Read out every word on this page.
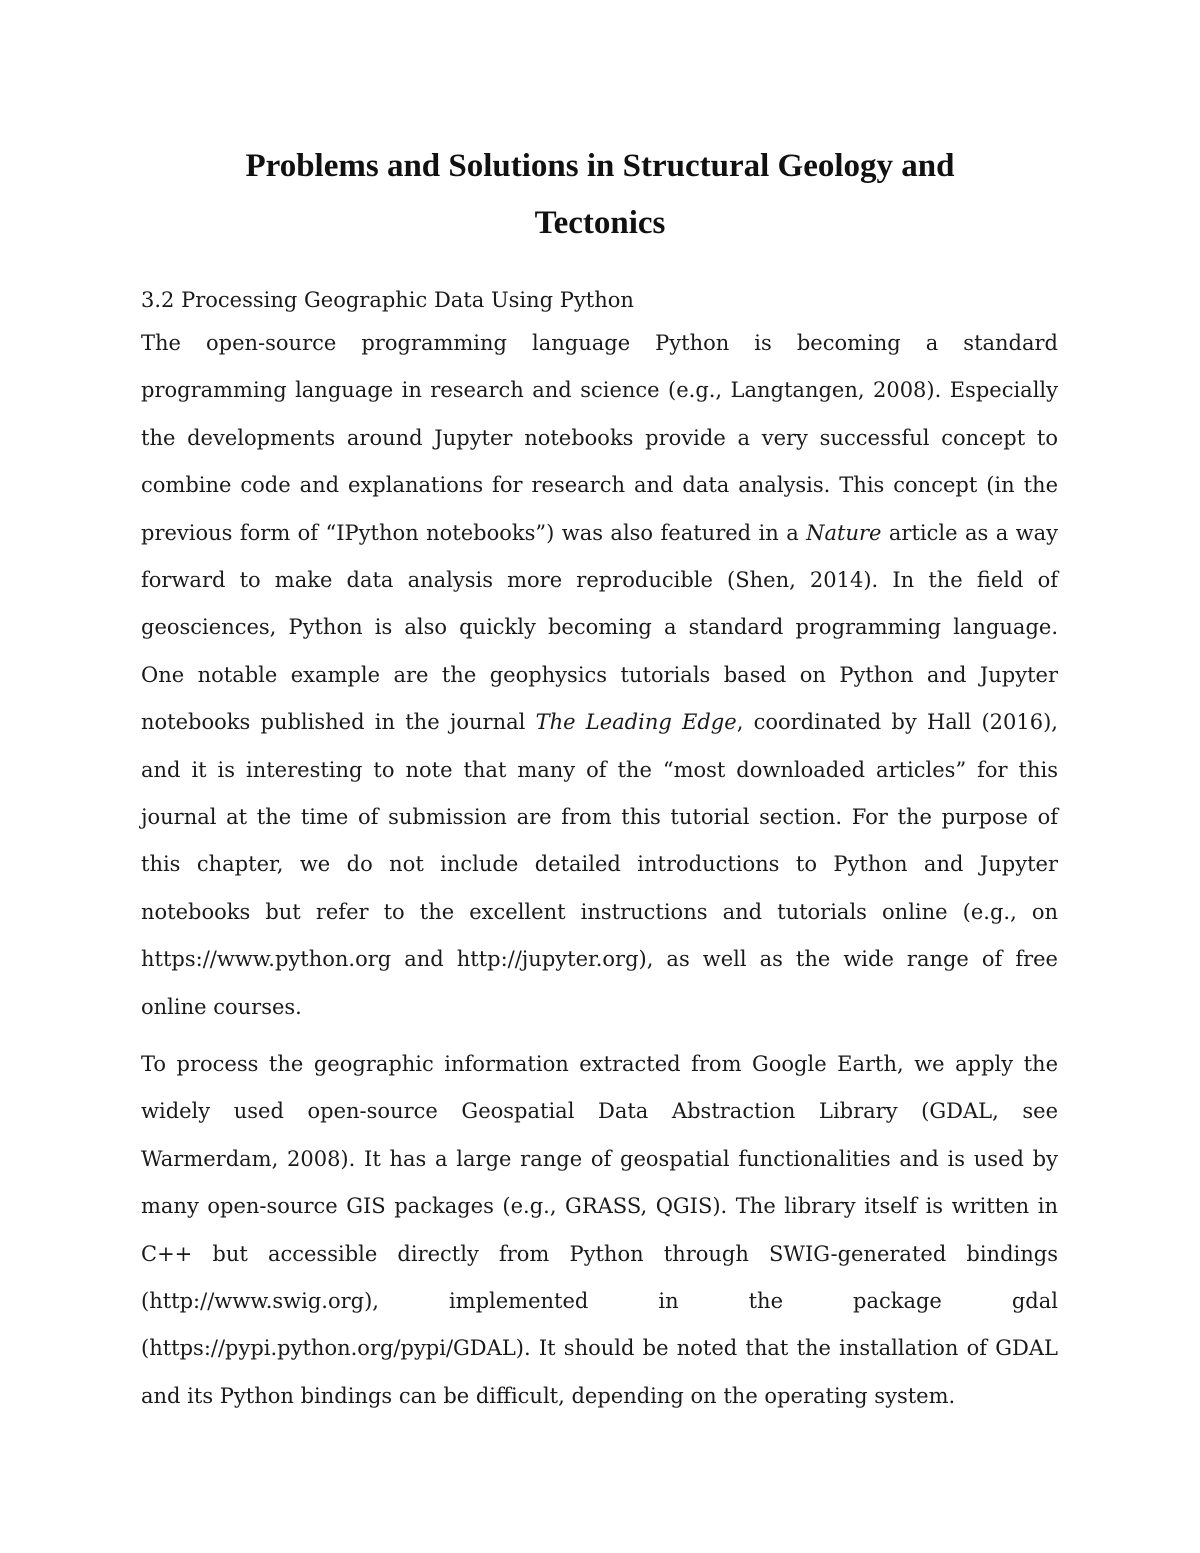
Problems and Solutions in Structural Geology and
Tectonics
3.2 Processing Geographic Data Using Python

The open-source programming language Python is becoming a standard programming language in research and science (e.g., Langtangen, 2008). Especially the developments around Jupyter notebooks provide a very successful concept to combine code and explanations for research and data analysis. This concept (in the previous form of “IPython notebooks”) was also featured in a Nature article as a way forward to make data analysis more reproducible (Shen, 2014). In the field of geosciences, Python is also quickly becoming a standard programming language. One notable example are the geophysics tutorials based on Python and Jupyter notebooks published in the journal The Leading Edge, coordinated by Hall (2016), and it is interesting to note that many of the “most downloaded articles” for this journal at the time of submission are from this tutorial section. For the purpose of this chapter, we do not include detailed introductions to Python and Jupyter notebooks but refer to the excellent instructions and tutorials online (e.g., on https://www.python.org and http://jupyter.org), as well as the wide range of free online courses.

To process the geographic information extracted from Google Earth, we apply the widely used open-source Geospatial Data Abstraction Library (GDAL, see Warmerdam, 2008). It has a large range of geospatial functionalities and is used by many open-source GIS packages (e.g., GRASS, QGIS). The library itself is written in C++ but accessible directly from Python through SWIG-generated bindings (http://www.swig.org), implemented in the package gdal (https://pypi.python.org/pypi/GDAL). It should be noted that the installation of GDAL and its Python bindings can be difficult, depending on the operating system.
